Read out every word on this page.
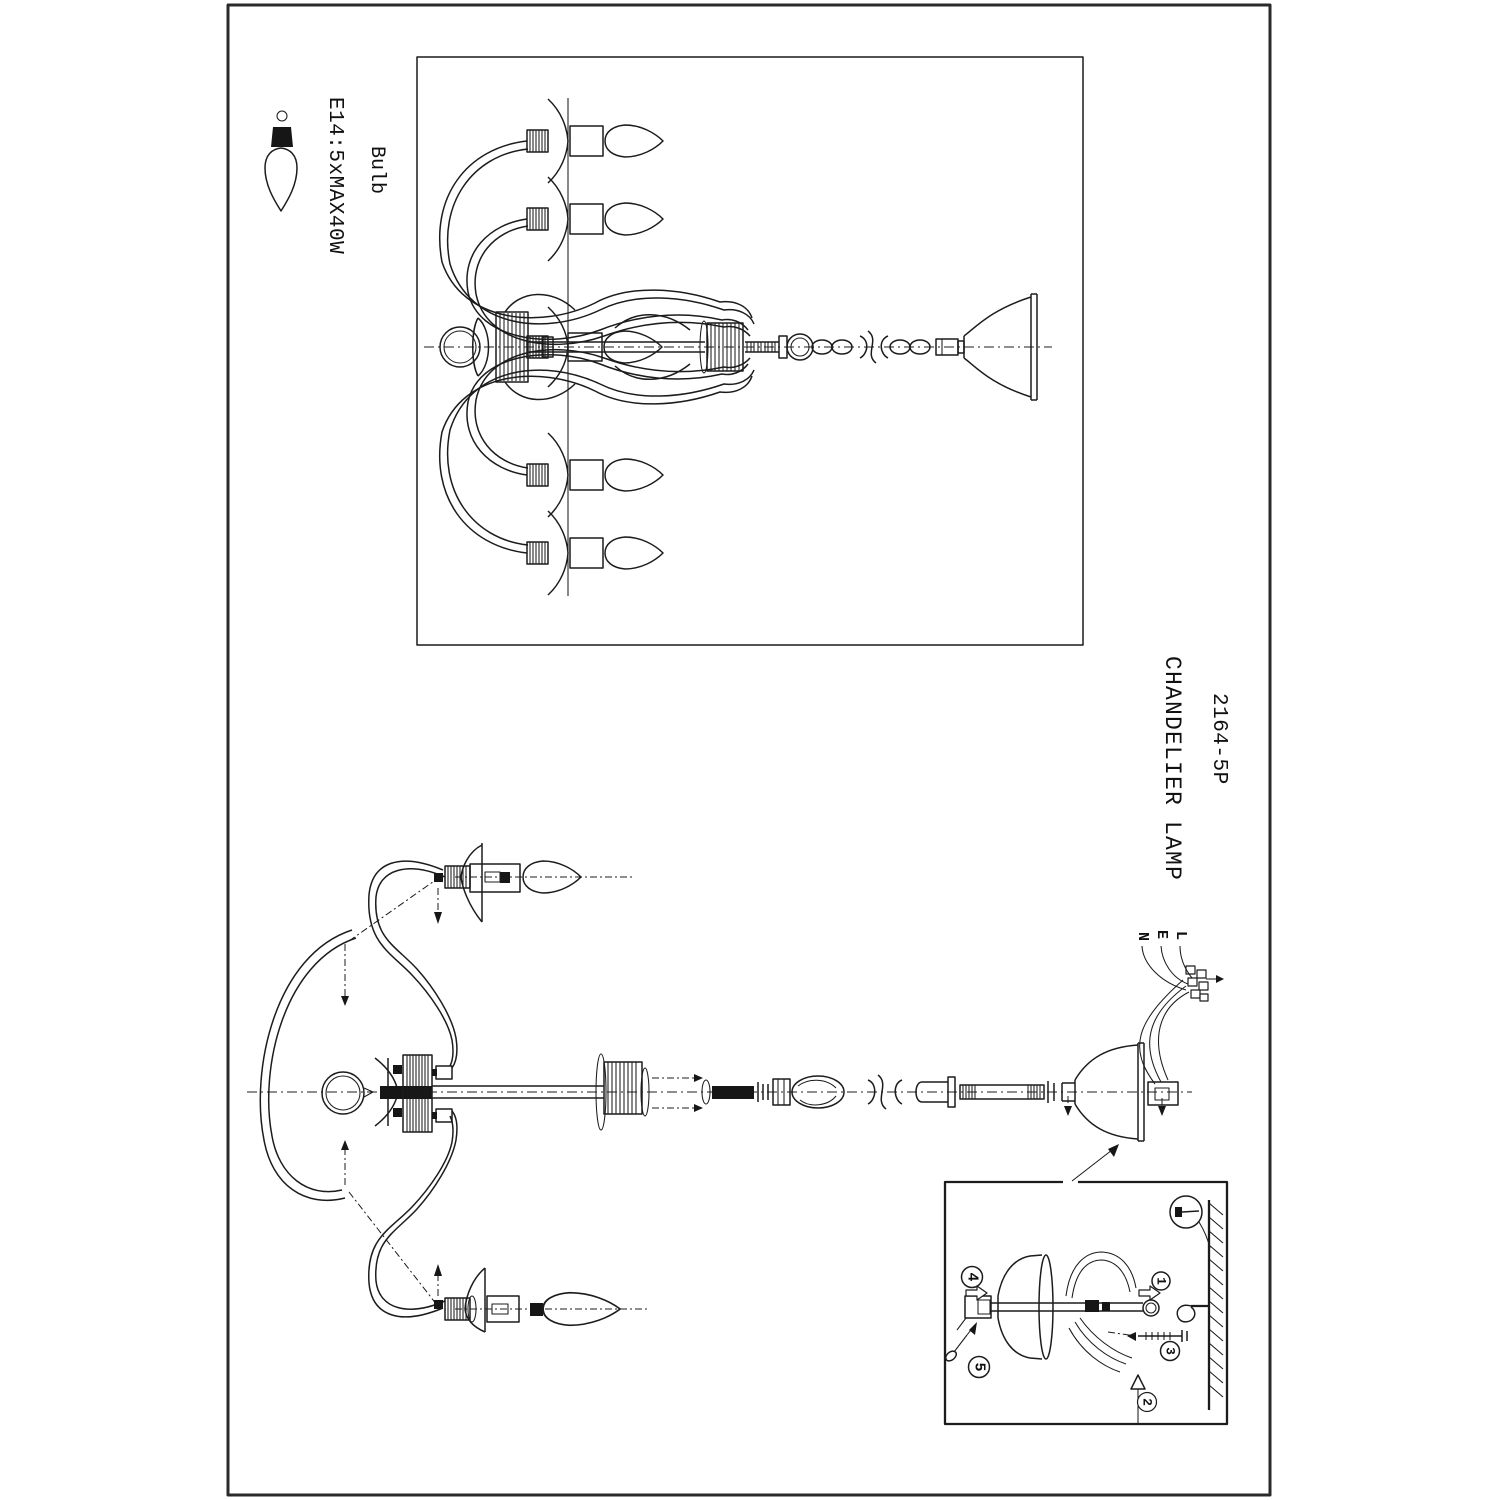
Bulb
E14:5xMAX40W
2164-5P
CHANDELIER LAMP
N E L
1
4
5
3
2
